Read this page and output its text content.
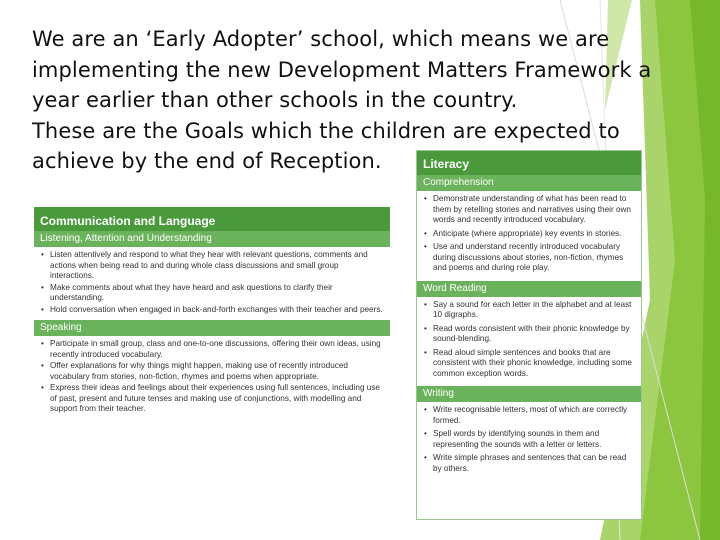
We are an ‘Early Adopter’ school, which means we are
implementing the new Development Matters Framework a
year earlier than other schools in the country.
These are the Goals which the children are expected to
achieve by the end of Reception.
Communication and Language
Listening, Attention and Understanding
• Listen attentively and respond to what they hear with relevant questions, comments and actions when being read to and during whole class discussions and small group interactions.
• Make comments about what they have heard and ask questions to clarify their understanding.
• Hold conversation when engaged in back-and-forth exchanges with their teacher and peers.
Speaking
• Participate in small group, class and one-to-one discussions, offering their own ideas, using recently introduced vocabulary.
• Offer explanations for why things might happen, making use of recently introduced vocabulary from stories, non-fiction, rhymes and poems when appropriate.
• Express their ideas and feelings about their experiences using full sentences, including use of past, present and future tenses and making use of conjunctions, with modelling and support from their teacher.
Literacy
Comprehension
• Demonstrate understanding of what has been read to them by retelling stories and narratives using their own words and recently introduced vocabulary.
• Anticipate (where appropriate) key events in stories.
• Use and understand recently introduced vocabulary during discussions about stories, non-fiction, rhymes and poems and during role play.
Word Reading
• Say a sound for each letter in the alphabet and at least 10 digraphs.
• Read words consistent with their phonic knowledge by sound-blending.
• Read aloud simple sentences and books that are consistent with their phonic knowledge, including some common exception words.
Writing
• Write recognisable letters, most of which are correctly formed.
• Spell words by identifying sounds in them and representing the sounds with a letter or letters.
• Write simple phrases and sentences that can be read by others.
